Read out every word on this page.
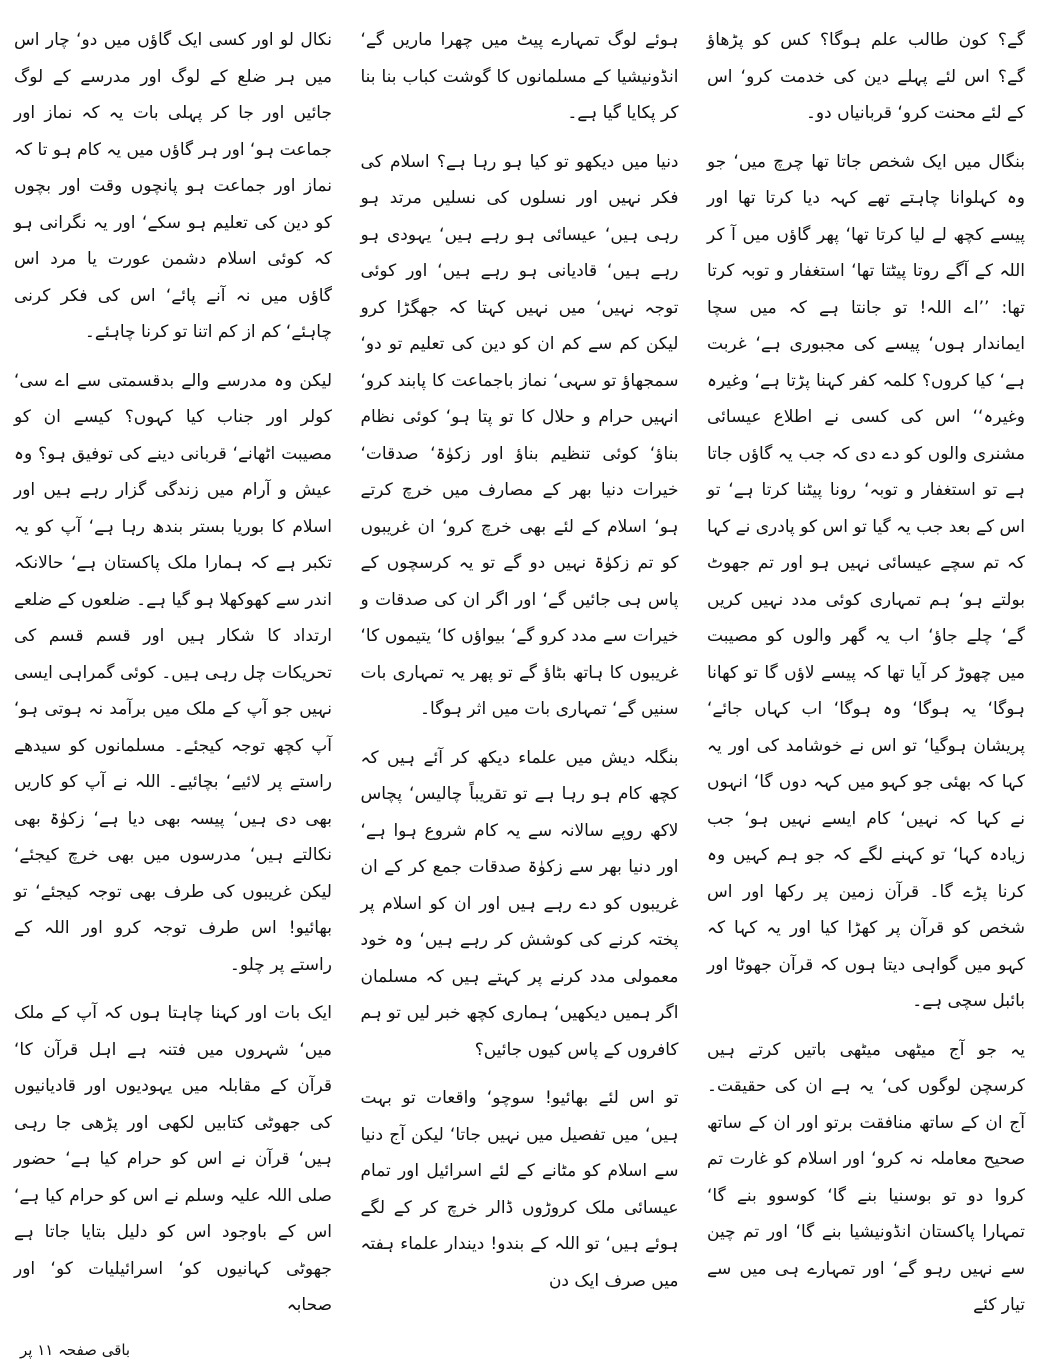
گے؟ کون طالب علم ہوگا؟ کس کو پڑھاؤ گے؟ اس لئے پہلے دین کی خدمت کرو‘ اس کے لئے محنت کرو‘ قربانیاں دو۔

بنگال میں ایک شخص جاتا تھا چرچ میں‘ جو وہ کہلوانا چاہتے تھے کہہ دیا کرتا تھا اور پیسے کچھ لے لیا کرتا تھا‘ پھر گاؤں میں آ کر اللہ کے آگے روتا پیٹتا تھا‘ استغفار و توبہ کرتا تھا: ’’اے اللہ! تو جانتا ہے کہ میں سچا ایماندار ہوں‘ پیسے کی مجبوری ہے‘ غربت ہے‘ کیا کروں؟ کلمہ کفر کہنا پڑتا ہے‘ وغیرہ وغیرہ‘‘ اس کی کسی نے اطلاع عیسائی مشنری والوں کو دے دی کہ جب یہ گاؤں جاتا ہے تو استغفار و توبہ‘ رونا پیٹنا کرتا ہے‘ تو اس کے بعد جب یہ گیا تو اس کو پادری نے کہا کہ تم سچے عیسائی نہیں ہو اور تم جھوٹ بولتے ہو‘ ہم تمہاری کوئی مدد نہیں کریں گے‘ چلے جاؤ‘ اب یہ گھر والوں کو مصیبت میں چھوڑ کر آیا تھا کہ پیسے لاؤں گا تو کھانا ہوگا‘ یہ ہوگا‘ وہ ہوگا‘ اب کہاں جائے‘ پریشان ہوگیا‘ تو اس نے خوشامد کی اور یہ کہا کہ بھئی جو کہو میں کہہ دوں گا‘ انہوں نے کہا کہ نہیں‘ کام ایسے نہیں ہو‘ جب زیادہ کہا‘ تو کہنے لگے کہ جو ہم کہیں وہ کرنا پڑے گا۔ قرآن زمین پر رکھا اور اس شخص کو قرآن پر کھڑا کیا اور یہ کہا کہ کہو میں گواہی دیتا ہوں کہ قرآن جھوٹا اور بائبل سچی ہے۔

یہ جو آج میٹھی میٹھی باتیں کرتے ہیں کرسچن لوگوں کی‘ یہ ہے ان کی حقیقت۔ آج ان کے ساتھ منافقت برتو اور ان کے ساتھ صحیح معاملہ نہ کرو‘ اور اسلام کو غارت تم کروا دو تو بوسنیا بنے گا‘ کوسوو بنے گا‘ تمہارا پاکستان انڈونیشیا بنے گا‘ اور تم چین سے نہیں رہو گے‘ اور تمہارے ہی میں سے تیار کئے

ہوئے لوگ تمہارے پیٹ میں چھرا ماریں گے‘ انڈونیشیا کے مسلمانوں کا گوشت کباب بنا بنا کر پکایا گیا ہے۔

دنیا میں دیکھو تو کیا ہو رہا ہے؟ اسلام کی فکر نہیں اور نسلوں کی نسلیں مرتد ہو رہی ہیں‘ عیسائی ہو رہے ہیں‘ یہودی ہو رہے ہیں‘ قادیانی ہو رہے ہیں‘ اور کوئی توجہ نہیں‘ میں نہیں کہتا کہ جھگڑا کرو لیکن کم سے کم ان کو دین کی تعلیم تو دو‘ سمجھاؤ تو سہی‘ نماز باجماعت کا پابند کرو‘ انہیں حرام و حلال کا تو پتا ہو‘ کوئی نظام بناؤ‘ کوئی تنظیم بناؤ اور زکوٰۃ‘ صدقات‘ خیرات دنیا بھر کے مصارف میں خرچ کرتے ہو‘ اسلام کے لئے بھی خرچ کرو‘ ان غریبوں کو تم زکوٰۃ نہیں دو گے تو یہ کرسچوں کے پاس ہی جائیں گے‘ اور اگر ان کی صدقات و خیرات سے مدد کرو گے‘ بیواؤں کا‘ یتیموں کا‘ غریبوں کا ہاتھ بٹاؤ گے تو پھر یہ تمہاری بات سنیں گے‘ تمہاری بات میں اثر ہوگا۔

بنگلہ دیش میں علماء دیکھ کر آئے ہیں کہ کچھ کام ہو رہا ہے تو تقریباً چالیس‘ پچاس لاکھ روپے سالانہ سے یہ کام شروع ہوا ہے‘ اور دنیا بھر سے زکوٰۃ صدقات جمع کر کے ان غریبوں کو دے رہے ہیں اور ان کو اسلام پر پختہ کرنے کی کوشش کر رہے ہیں‘ وہ خود معمولی مدد کرنے پر کہتے ہیں کہ مسلمان اگر ہمیں دیکھیں‘ ہماری کچھ خبر لیں تو ہم کافروں کے پاس کیوں جائیں؟

تو اس لئے بھائیو! سوچو‘ واقعات تو بہت ہیں‘ میں تفصیل میں نہیں جاتا‘ لیکن آج دنیا سے اسلام کو مٹانے کے لئے اسرائیل اور تمام عیسائی ملک کروڑوں ڈالر خرچ کر کے لگے ہوئے ہیں‘ تو اللہ کے بندو! دیندار علماء ہفتہ میں صرف ایک دن

نکال لو اور کسی ایک گاؤں میں دو‘ چار اس میں ہر ضلع کے لوگ اور مدرسے کے لوگ جائیں اور جا کر پہلی بات یہ کہ نماز اور جماعت ہو‘ اور ہر گاؤں میں یہ کام ہو تا کہ نماز اور جماعت ہو پانچوں وقت اور بچوں کو دین کی تعلیم ہو سکے‘ اور یہ نگرانی ہو کہ کوئی اسلام دشمن عورت یا مرد اس گاؤں میں نہ آنے پائے‘ اس کی فکر کرنی چاہئے‘ کم از کم اتنا تو کرنا چاہئے۔

لیکن وہ مدرسے والے بدقسمتی سے اے سی‘ کولر اور جناب کیا کہوں؟ کیسے ان کو مصیبت اٹھانے‘ قربانی دینے کی توفیق ہو؟ وہ عیش و آرام میں زندگی گزار رہے ہیں اور اسلام کا بوریا بستر بندھ رہا ہے‘ آپ کو یہ تکبر ہے کہ ہمارا ملک پاکستان ہے‘ حالانکہ اندر سے کھوکھلا ہو گیا ہے۔ ضلعوں کے ضلعے ارتداد کا شکار ہیں اور قسم قسم کی تحریکات چل رہی ہیں۔ کوئی گمراہی ایسی نہیں جو آپ کے ملک میں برآمد نہ ہوتی ہو‘ آپ کچھ توجہ کیجئے۔ مسلمانوں کو سیدھے راستے پر لائیے‘ بچائیے۔ اللہ نے آپ کو کاریں بھی دی ہیں‘ پیسہ بھی دیا ہے‘ زکوٰۃ بھی نکالتے ہیں‘ مدرسوں میں بھی خرچ کیجئے‘ لیکن غریبوں کی طرف بھی توجہ کیجئے‘ تو بھائیو! اس طرف توجہ کرو اور اللہ کے راستے پر چلو۔

ایک بات اور کہنا چاہتا ہوں کہ آپ کے ملک میں‘ شہروں میں فتنہ ہے اہل قرآن کا‘ قرآن کے مقابلہ میں یہودیوں اور قادیانیوں کی جھوٹی کتابیں لکھی اور پڑھی جا رہی ہیں‘ قرآن نے اس کو حرام کیا ہے‘ حضور صلی اللہ علیہ وسلم نے اس کو حرام کیا ہے‘ اس کے باوجود اس کو دلیل بتایا جاتا ہے جھوٹی کہانیوں کو‘ اسرائیلیات کو‘ اور صحابہ

باقی صفحہ ۱۱ پر
